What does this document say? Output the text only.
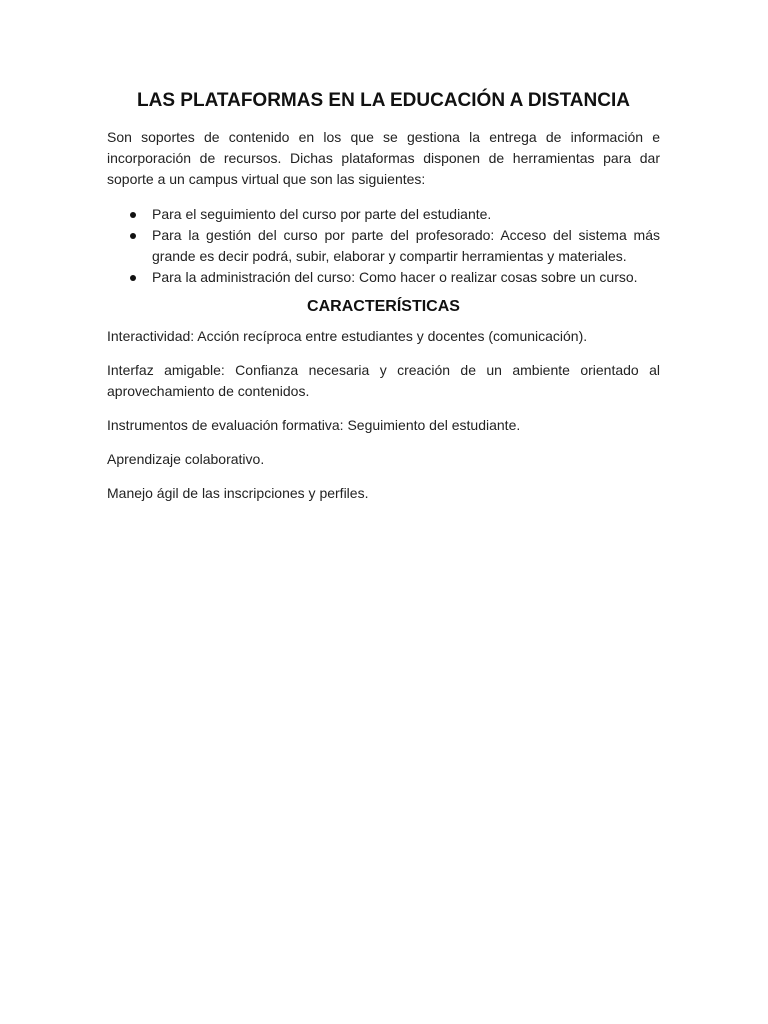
LAS PLATAFORMAS EN LA EDUCACIÓN A DISTANCIA

Son soportes de contenido en los que se gestiona la entrega de información e incorporación de recursos. Dichas plataformas disponen de herramientas para dar soporte a un campus virtual que son las siguientes:

Para el seguimiento del curso por parte del estudiante.
Para la gestión del curso por parte del profesorado: Acceso del sistema más grande es decir podrá, subir, elaborar y compartir herramientas y materiales.
Para la administración del curso: Como hacer o realizar cosas sobre un curso.
CARACTERÍSTICAS

Interactividad: Acción recíproca entre estudiantes y docentes (comunicación).

Interfaz amigable: Confianza necesaria y creación de un ambiente orientado al aprovechamiento de contenidos.

Instrumentos de evaluación formativa: Seguimiento del estudiante.

Aprendizaje colaborativo.

Manejo ágil de las inscripciones y perfiles.
